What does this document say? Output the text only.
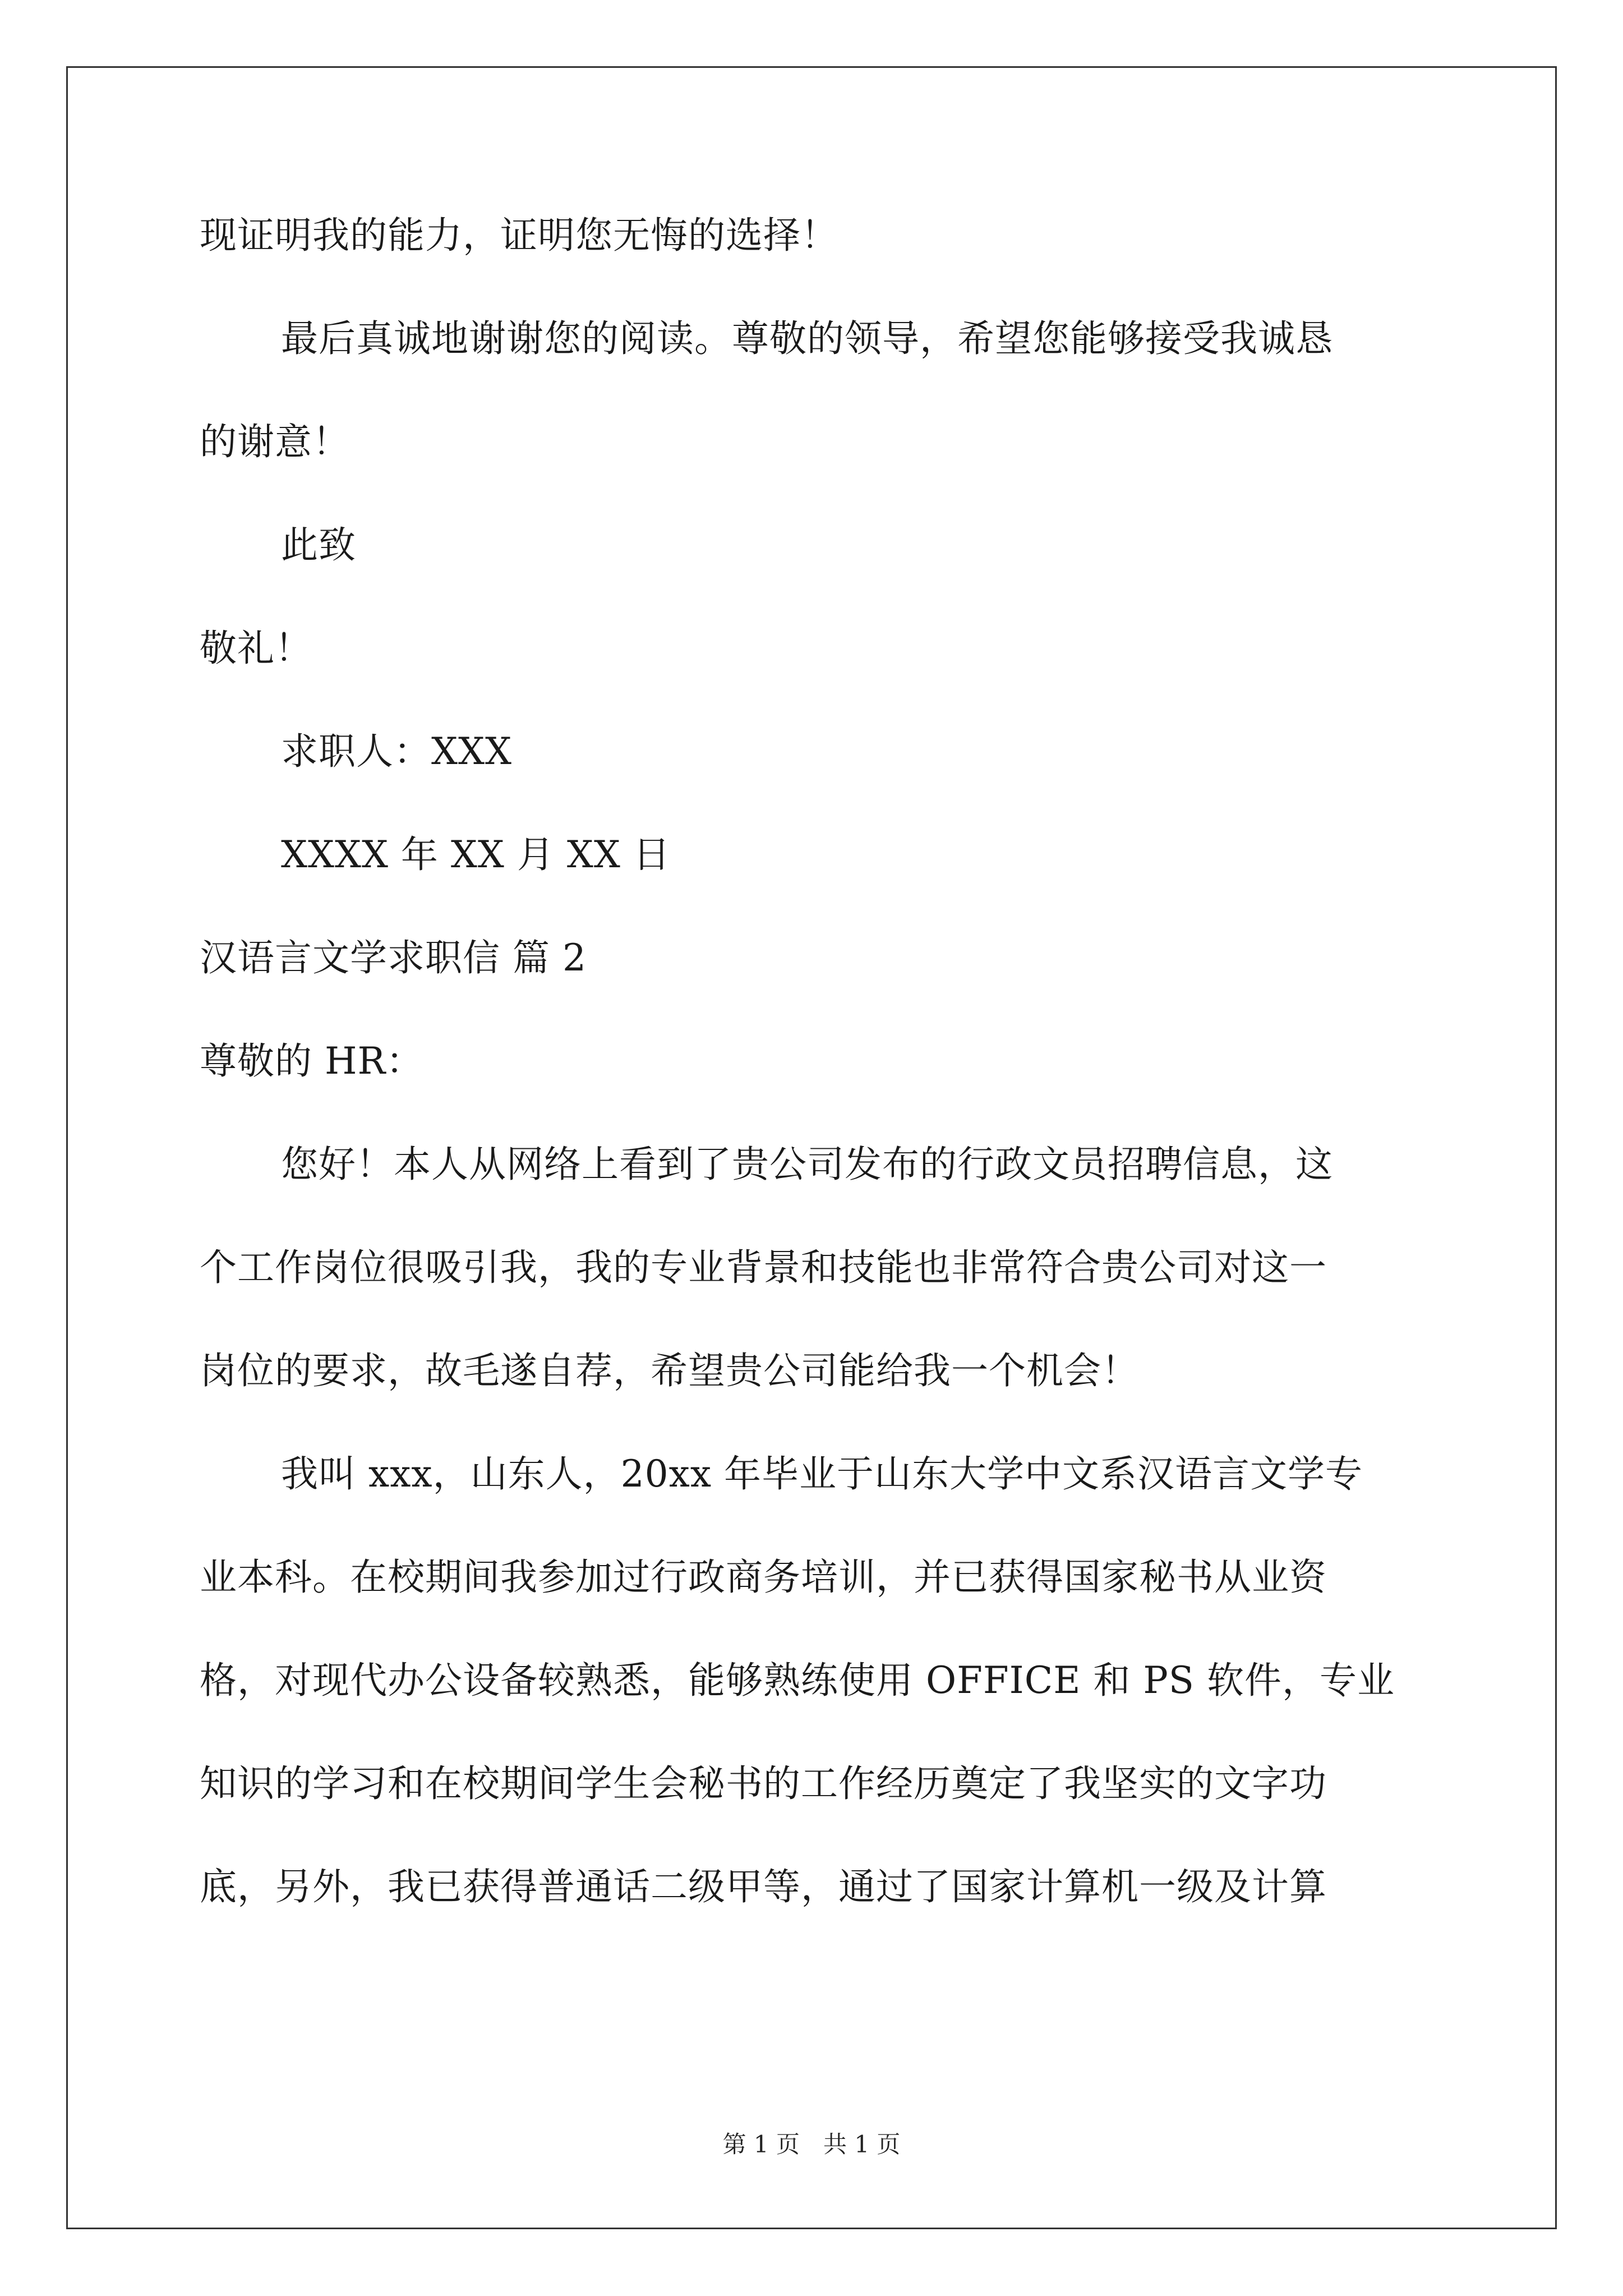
现证明我的能力，证明您无悔的选择！
最后真诚地谢谢您的阅读。尊敬的领导，希望您能够接受我诚恳
的谢意！
此致
敬礼！
求职人：XXX
XXXX 年 XX 月 XX 日
汉语言文学求职信 篇 2
尊敬的 HR：
您好！本人从网络上看到了贵公司发布的行政文员招聘信息，这
个工作岗位很吸引我，我的专业背景和技能也非常符合贵公司对这一
岗位的要求，故毛遂自荐，希望贵公司能给我一个机会！
我叫 xxx，山东人，20xx 年毕业于山东大学中文系汉语言文学专
业本科。在校期间我参加过行政商务培训，并已获得国家秘书从业资
格，对现代办公设备较熟悉，能够熟练使用 OFFICE 和 PS 软件，专业
知识的学习和在校期间学生会秘书的工作经历奠定了我坚实的文字功
底，另外，我已获得普通话二级甲等，通过了国家计算机一级及计算
第 1 页　共 1 页
